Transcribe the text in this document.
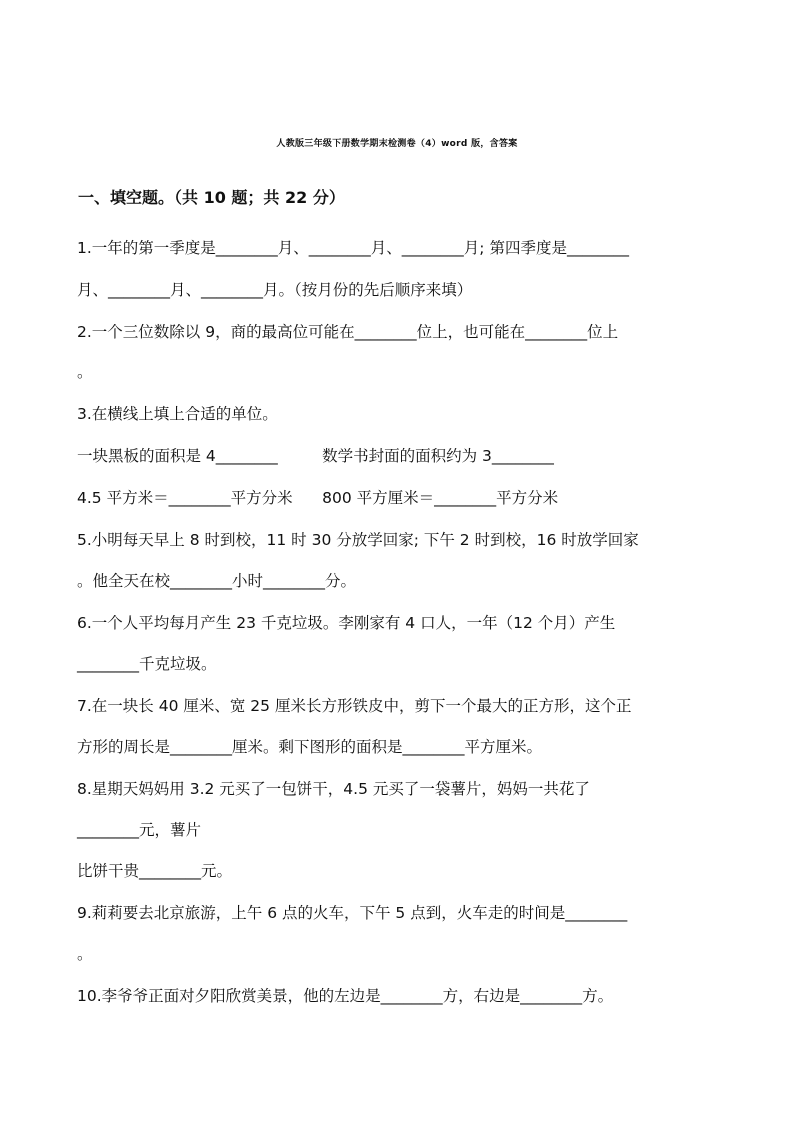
人教版三年级下册数学期末检测卷（4）word 版，含答案
一、填空题。（共 10 题；共 22 分）
1.一年的第一季度是________月、________月、________月; 第四季度是________
月、________月、________月。（按月份的先后顺序来填）
2.一个三位数除以 9，商的最高位可能在________位上，也可能在________位上
。
3.在横线上填上合适的单位。
一块黑板的面积是 4________         数学书封面的面积约为 3________
4.5 平方米＝________平方分米      800 平方厘米＝________平方分米
5.小明每天早上 8 时到校，11 时 30 分放学回家; 下午 2 时到校，16 时放学回家
。他全天在校________小时________分。
6.一个人平均每月产生 23 千克垃圾。李刚家有 4 口人，一年（12 个月）产生
________千克垃圾。
7.在一块长 40 厘米、宽 25 厘米长方形铁皮中，剪下一个最大的正方形，这个正
方形的周长是________厘米。剩下图形的面积是________平方厘米。
8.星期天妈妈用 3.2 元买了一包饼干，4.5 元买了一袋薯片，妈妈一共花了
________元，薯片
比饼干贵________元。
9.莉莉要去北京旅游，上午 6 点的火车，下午 5 点到，火车走的时间是________
。
10.李爷爷正面对夕阳欣赏美景，他的左边是________方，右边是________方。
